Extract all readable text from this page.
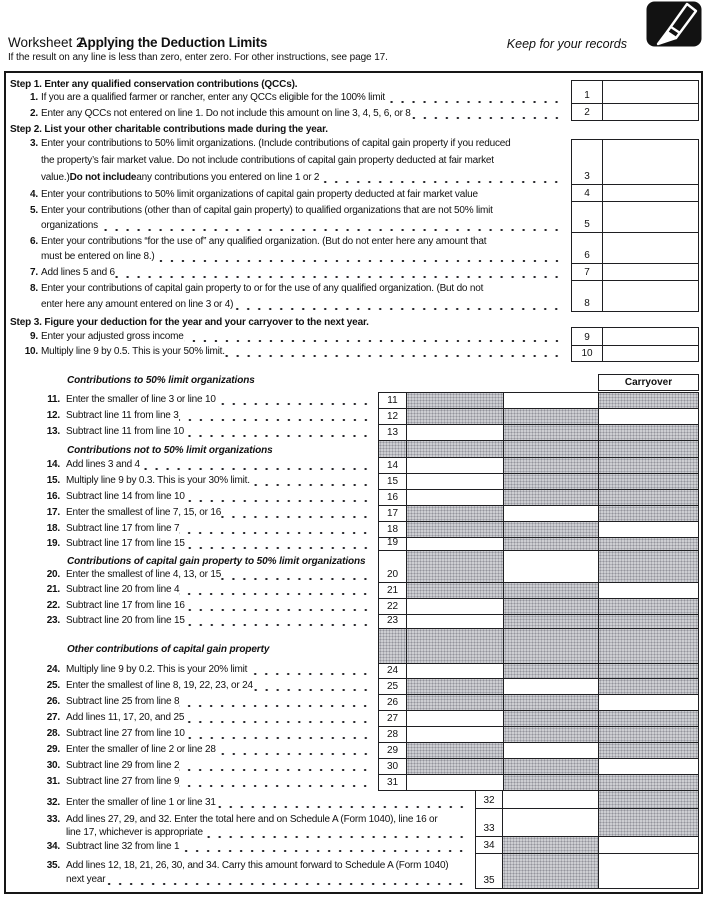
Worksheet 2.
Applying the Deduction Limits	Keep for your records
If the result on any line is less than zero, enter zero. For other instructions, see page 17.
Step 1. Enter any qualified conservation contributions (QCCs).
Step 2. List your other charitable contributions made during the year.
Step 3. Figure your deduction for the year and your carryover to the next year.
Contributions to 50% limit organizations
Contributions not to 50% limit organizations
Contributions of capital gain property to 50% limit organizations
Other contributions of capital gain property
1. If you are a qualified farmer or rancher, enter any QCCs eligible for the 100% limit
2. Enter any QCCs not entered on line 1. Do not include this amount on line 3, 4, 5, 6, or 8
3. Enter your contributions to 50% limit organizations. (Include contributions of capital gain property if you reduced
the property’s fair market value. Do not include contributions of capital gain property deducted at fair market
value.) Do not include any contributions you entered on line 1 or 2
4. Enter your contributions to 50% limit organizations of capital gain property deducted at fair market value
5. Enter your contributions (other than of capital gain property) to qualified organizations that are not 50% limit
organizations
6. Enter your contributions “for the use of” any qualified organization. (But do not enter here any amount that
must be entered on line 8.)
7. Add lines 5 and 6
8. Enter your contributions of capital gain property to or for the use of any qualified organization. (But do not
enter here any amount entered on line 3 or 4)
9. Enter your adjusted gross income
10. Multiply line 9 by 0.5. This is your 50% limit.
11. Enter the smaller of line 3 or line 10
12. Subtract line 11 from line 3
13. Subtract line 11 from line 10
14. Add lines 3 and 4
15. Multiply line 9 by 0.3. This is your 30% limit.
16. Subtract line 14 from line 10
17. Enter the smallest of line 7, 15, or 16
18. Subtract line 17 from line 7
19. Subtract line 17 from line 15
20. Enter the smallest of line 4, 13, or 15
21. Subtract line 20 from line 4
22. Subtract line 17 from line 16
23. Subtract line 20 from line 15
24. Multiply line 9 by 0.2. This is your 20% limit
25. Enter the smallest of line 8, 19, 22, 23, or 24
26. Subtract line 25 from line 8
27. Add lines 11, 17, 20, and 25
28. Subtract line 27 from line 10
29. Enter the smaller of line 2 or line 28
30. Subtract line 29 from line 2
31. Subtract line 27 from line 9
32. Enter the smaller of line 1 or line 31
33. Add lines 27, 29, and 32. Enter the total here and on Schedule A (Form 1040), line 16 or
line 17, whichever is appropriate
34. Subtract line 32 from line 1
35. Add lines 12, 18, 21, 26, 30, and 34. Carry this amount forward to Schedule A (Form 1040)
next year
1
2
3
4
5
6
7
8
9
10
Carryover
11
12
13
14
15
16
17
18
19
20
21
22
23
24
25
26
27
28
29
30
31
32
33
34
35
